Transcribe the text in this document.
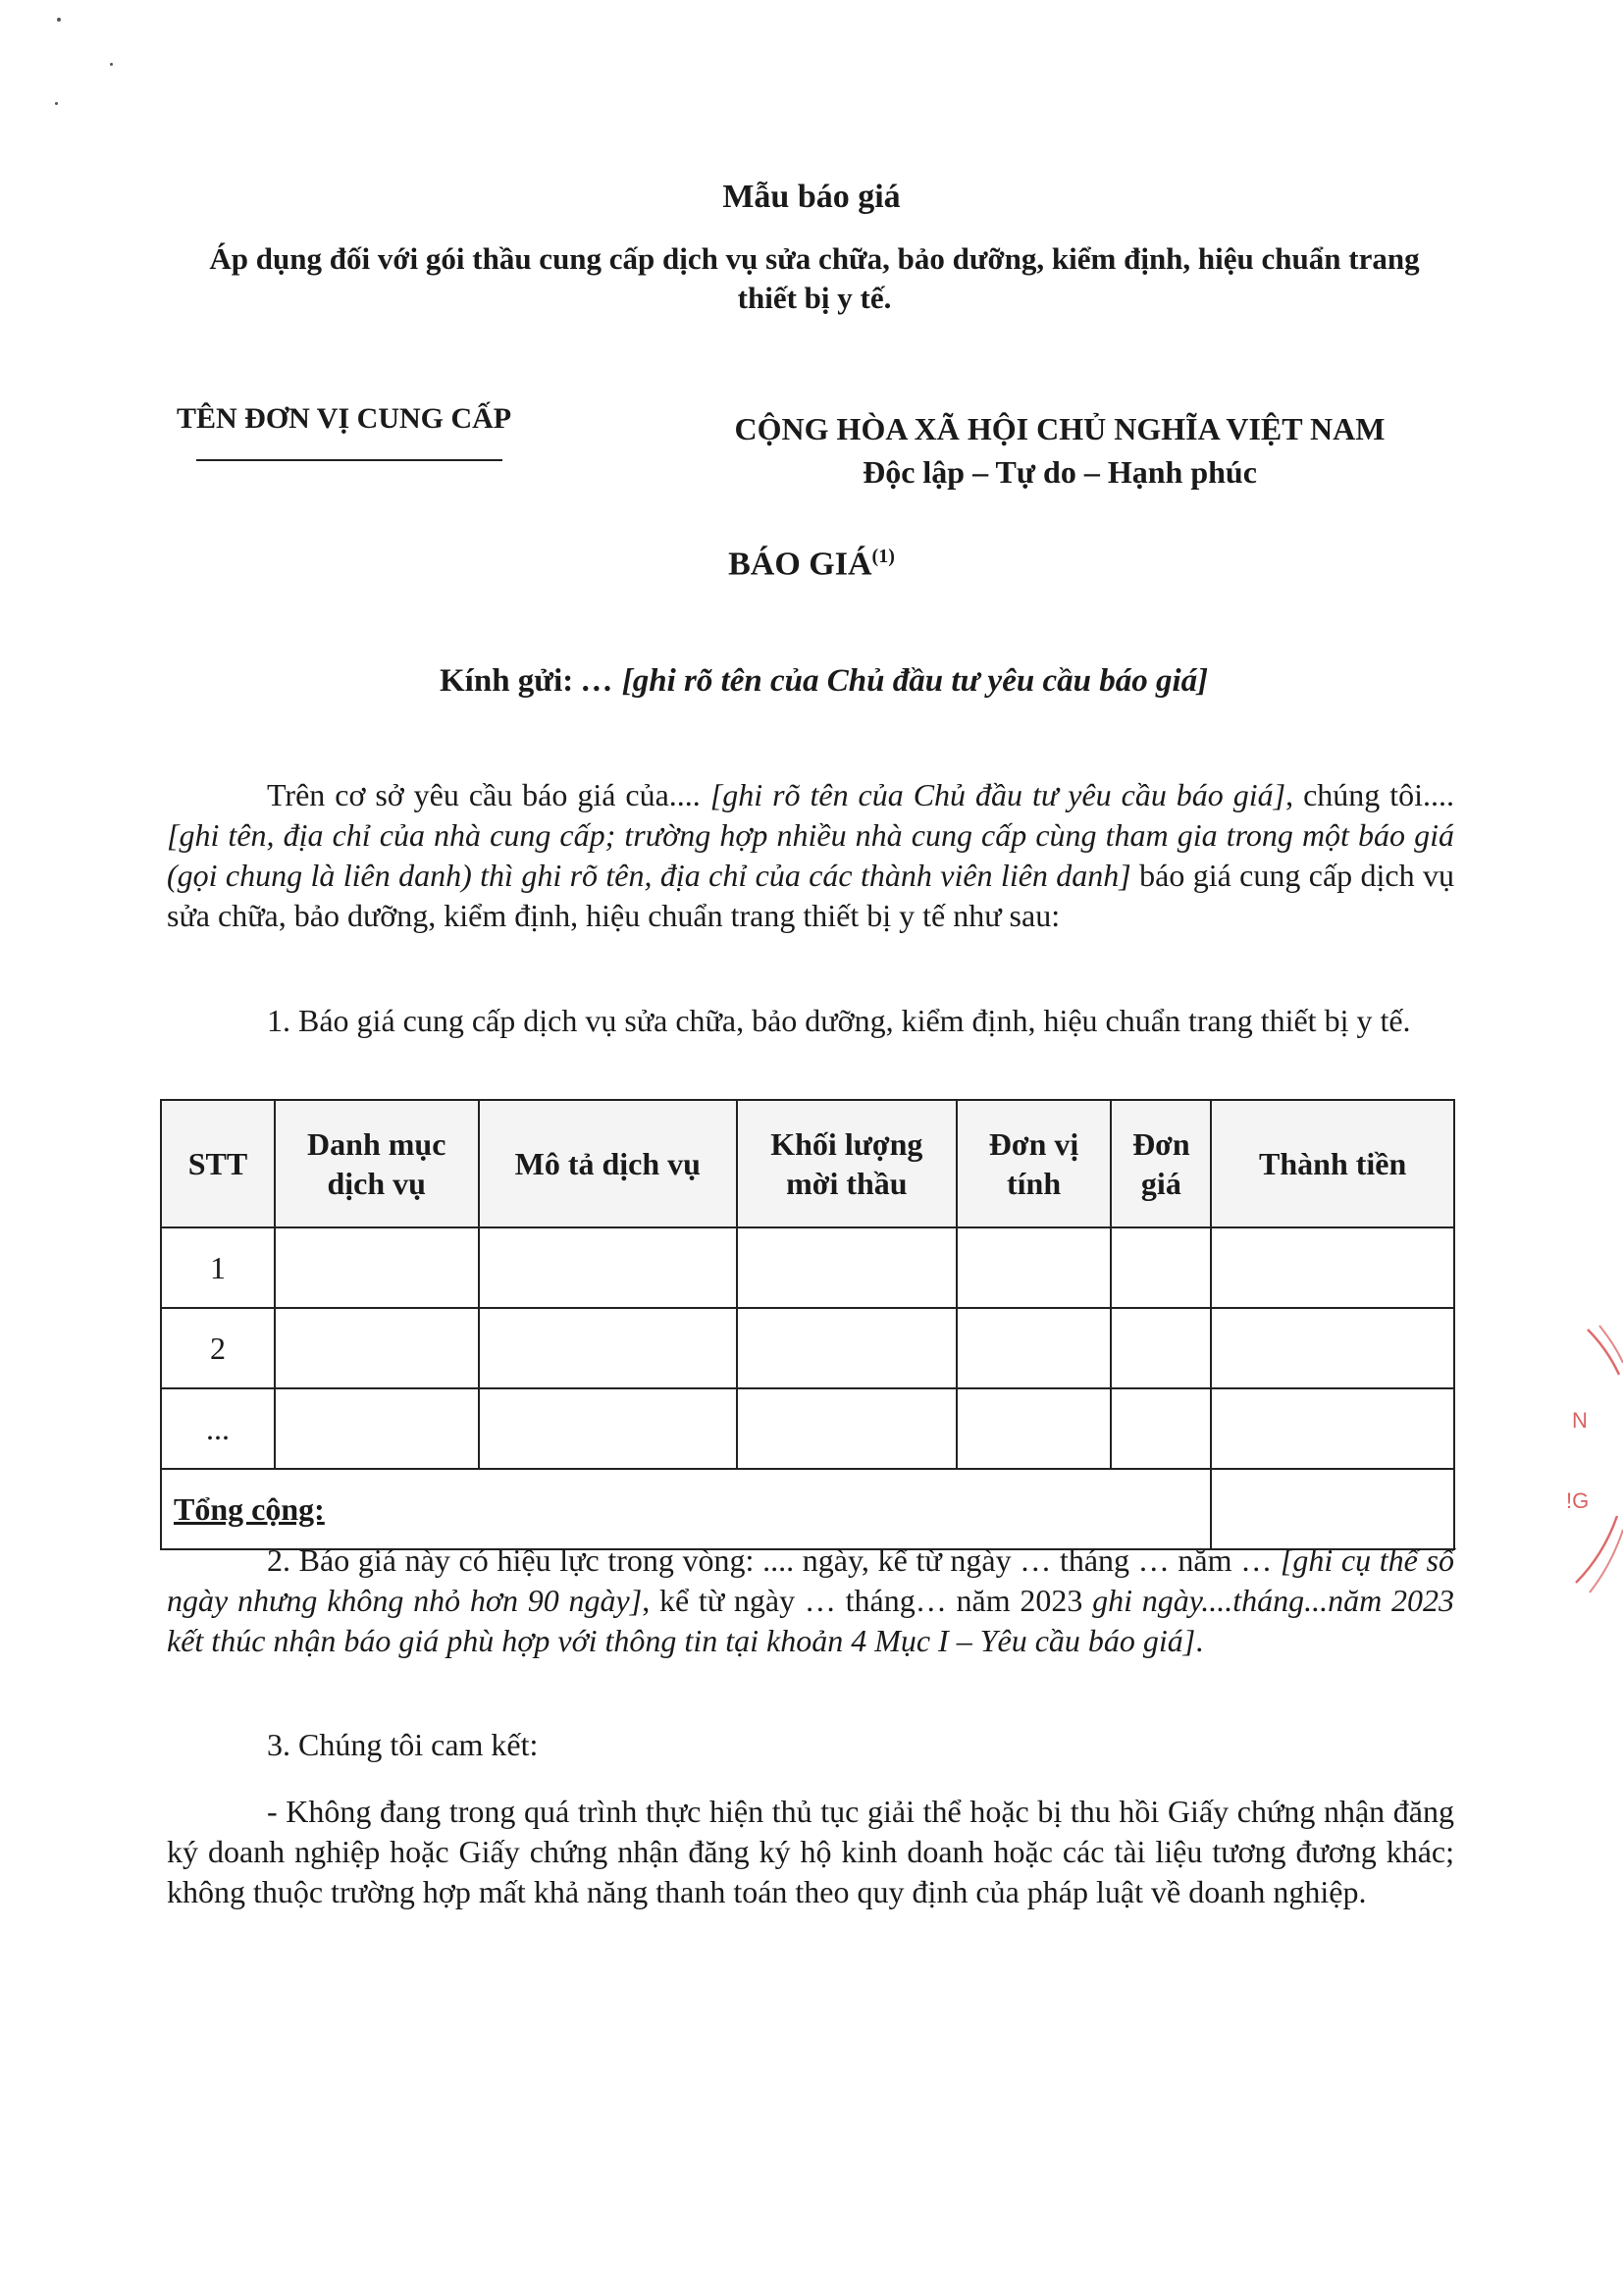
Mẫu báo giá
Áp dụng đối với gói thầu cung cấp dịch vụ sửa chữa, bảo dưỡng, kiểm định, hiệu chuẩn trang thiết bị y tế.
TÊN ĐƠN VỊ CUNG CẤP	CỘNG HÒA XÃ HỘI CHỦ NGHĨA VIỆT NAM
Độc lập – Tự do – Hạnh phúc
BÁO GIÁ$^{(1)}$
Kính gửi: … [ghi rõ tên của Chủ đầu tư yêu cầu báo giá]
Trên cơ sở yêu cầu báo giá của.... [ghi rõ tên của Chủ đầu tư yêu cầu báo giá], chúng tôi....[ghi tên, địa chỉ của nhà cung cấp; trường hợp nhiều nhà cung cấp cùng tham gia trong một báo giá (gọi chung là liên danh) thì ghi rõ tên, địa chỉ của các thành viên liên danh] báo giá cung cấp dịch vụ sửa chữa, bảo dưỡng, kiểm định, hiệu chuẩn trang thiết bị y tế như sau:
1. Báo giá cung cấp dịch vụ sửa chữa, bảo dưỡng, kiểm định, hiệu chuẩn trang thiết bị y tế.
STT	Danh mục dịch vụ	Mô tả dịch vụ	Khối lượng mời thầu	Đơn vị tính	Đơn giá	Thành tiền
1						
2						
...						
Tổng cộng:						
2. Báo giá này có hiệu lực trong vòng: .... ngày, kể từ ngày … tháng … năm … [ghi cụ thể số ngày nhưng không nhỏ hơn 90 ngày], kể từ ngày … tháng… năm 2023 ghi ngày....tháng...năm 2023 kết thúc nhận báo giá phù hợp với thông tin tại khoản 4 Mục I – Yêu cầu báo giá].
3. Chúng tôi cam kết:
- Không đang trong quá trình thực hiện thủ tục giải thể hoặc bị thu hồi Giấy chứng nhận đăng ký doanh nghiệp hoặc Giấy chứng nhận đăng ký hộ kinh doanh hoặc các tài liệu tương đương khác; không thuộc trường hợp mất khả năng thanh toán theo quy định của pháp luật về doanh nghiệp.
N
!G
